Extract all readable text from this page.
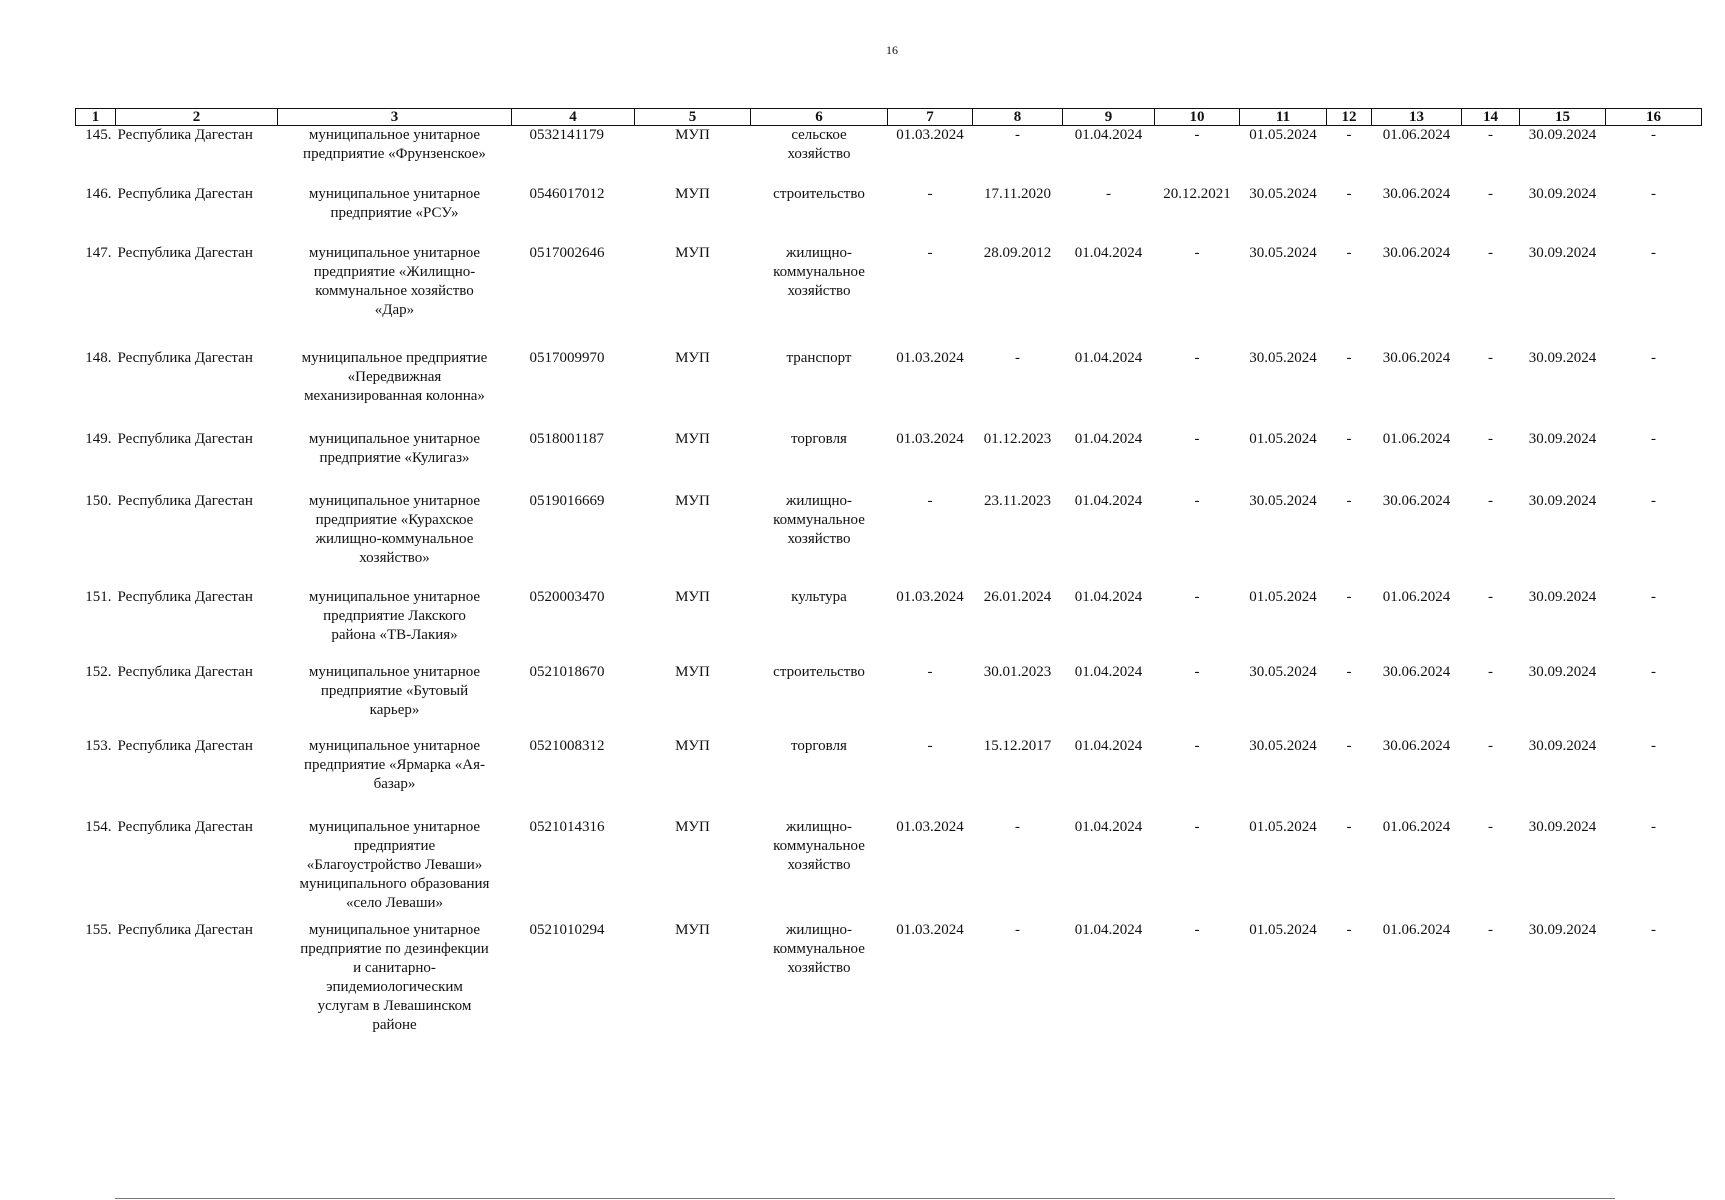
16
1	2	3	4	5	6	7	8	9	10	11	12	13	14	15	16
145.	Республика Дагестан	муниципальное унитарное предприятие «Фрунзенское»	0532141179	МУП	сельское хозяйство	01.03.2024	-	01.04.2024	-	01.05.2024	-	01.06.2024	-	30.09.2024	-
146.	Республика Дагестан	муниципальное унитарное предприятие «РСУ»	0546017012	МУП	строительство	-	17.11.2020	-	20.12.2021	30.05.2024	-	30.06.2024	-	30.09.2024	-
147.	Республика Дагестан	муниципальное унитарное предприятие «Жилищно-коммунальное хозяйство «Дар»	0517002646	МУП	жилищно-коммунальное хозяйство	-	28.09.2012	01.04.2024	-	30.05.2024	-	30.06.2024	-	30.09.2024	-
148.	Республика Дагестан	муниципальное предприятие «Передвижная механизированная колонна»	0517009970	МУП	транспорт	01.03.2024	-	01.04.2024	-	30.05.2024	-	30.06.2024	-	30.09.2024	-
149.	Республика Дагестан	муниципальное унитарное предприятие «Кулигаз»	0518001187	МУП	торговля	01.03.2024	01.12.2023	01.04.2024	-	01.05.2024	-	01.06.2024	-	30.09.2024	-
150.	Республика Дагестан	муниципальное унитарное предприятие «Курахское жилищно-коммунальное хозяйство»	0519016669	МУП	жилищно-коммунальное хозяйство	-	23.11.2023	01.04.2024	-	30.05.2024	-	30.06.2024	-	30.09.2024	-
151.	Республика Дагестан	муниципальное унитарное предприятие Лакского района «ТВ-Лакия»	0520003470	МУП	культура	01.03.2024	26.01.2024	01.04.2024	-	01.05.2024	-	01.06.2024	-	30.09.2024	-
152.	Республика Дагестан	муниципальное унитарное предприятие «Бутовый карьер»	0521018670	МУП	строительство	-	30.01.2023	01.04.2024	-	30.05.2024	-	30.06.2024	-	30.09.2024	-
153.	Республика Дагестан	муниципальное унитарное предприятие «Ярмарка «Ая-базар»	0521008312	МУП	торговля	-	15.12.2017	01.04.2024	-	30.05.2024	-	30.06.2024	-	30.09.2024	-
154.	Республика Дагестан	муниципальное унитарное предприятие «Благоустройство Леваши» муниципального образования «село Леваши»	0521014316	МУП	жилищно-коммунальное хозяйство	01.03.2024	-	01.04.2024	-	01.05.2024	-	01.06.2024	-	30.09.2024	-
155.	Республика Дагестан	муниципальное унитарное предприятие по дезинфекции и санитарно-эпидемиологическим услугам в Левашинском районе	0521010294	МУП	жилищно-коммунальное хозяйство	01.03.2024	-	01.04.2024	-	01.05.2024	-	01.06.2024	-	30.09.2024	-
